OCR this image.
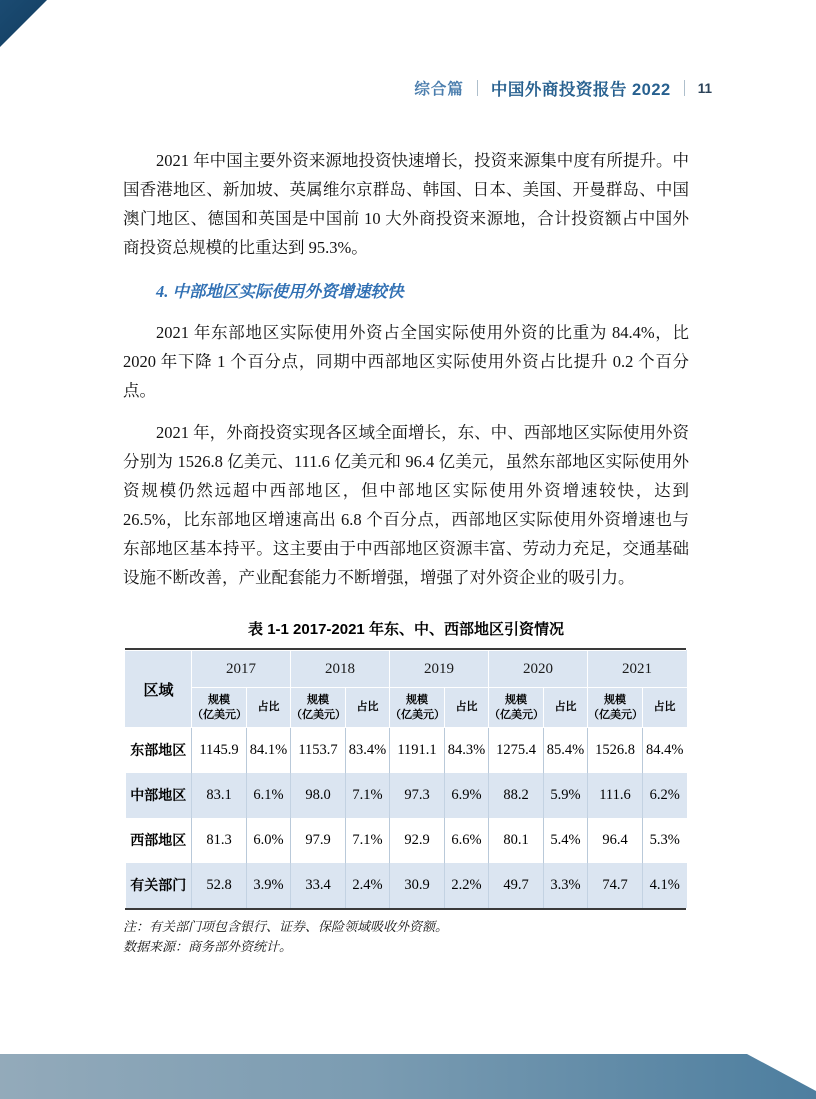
综合篇 中国外商投资报告 2022 11

2021 年中国主要外资来源地投资快速增长，投资来源集中度有所提升。中国香港地区、新加坡、英属维尔京群岛、韩国、日本、美国、开曼群岛、中国澳门地区、德国和英国是中国前 10 大外商投资来源地，合计投资额占中国外商投资总规模的比重达到 95.3%。

4. 中部地区实际使用外资增速较快

2021 年东部地区实际使用外资占全国实际使用外资的比重为 84.4%，比 2020 年下降 1 个百分点，同期中西部地区实际使用外资占比提升 0.2 个百分点。

2021 年，外商投资实现各区域全面增长，东、中、西部地区实际使用外资分别为 1526.8 亿美元、111.6 亿美元和 96.4 亿美元，虽然东部地区实际使用外资规模仍然远超中西部地区，但中部地区实际使用外资增速较快，达到 26.5%，比东部地区增速高出 6.8 个百分点，西部地区实际使用外资增速也与东部地区基本持平。这主要由于中西部地区资源丰富、劳动力充足，交通基础设施不断改善，产业配套能力不断增强，增强了对外资企业的吸引力。

表 1-1 2017-2021 年东、中、西部地区引资情况
区域	2017		2018		2019		2020		2021	
	规模
（亿美元）	占比	规模
（亿美元）	占比	规模
（亿美元）	占比	规模
（亿美元）	占比	规模
（亿美元）	占比
东部地区	1145.9	84.1%	1153.7	83.4%	1191.1	84.3%	1275.4	85.4%	1526.8	84.4%
中部地区	83.1	6.1%	98.0	7.1%	97.3	6.9%	88.2	5.9%	111.6	6.2%
西部地区	81.3	6.0%	97.9	7.1%	92.9	6.6%	80.1	5.4%	96.4	5.3%
有关部门	52.8	3.9%	33.4	2.4%	30.9	2.2%	49.7	3.3%	74.7	4.1%
注：有关部门项包含银行、证券、保险领域吸收外资额。
数据来源：商务部外资统计。
